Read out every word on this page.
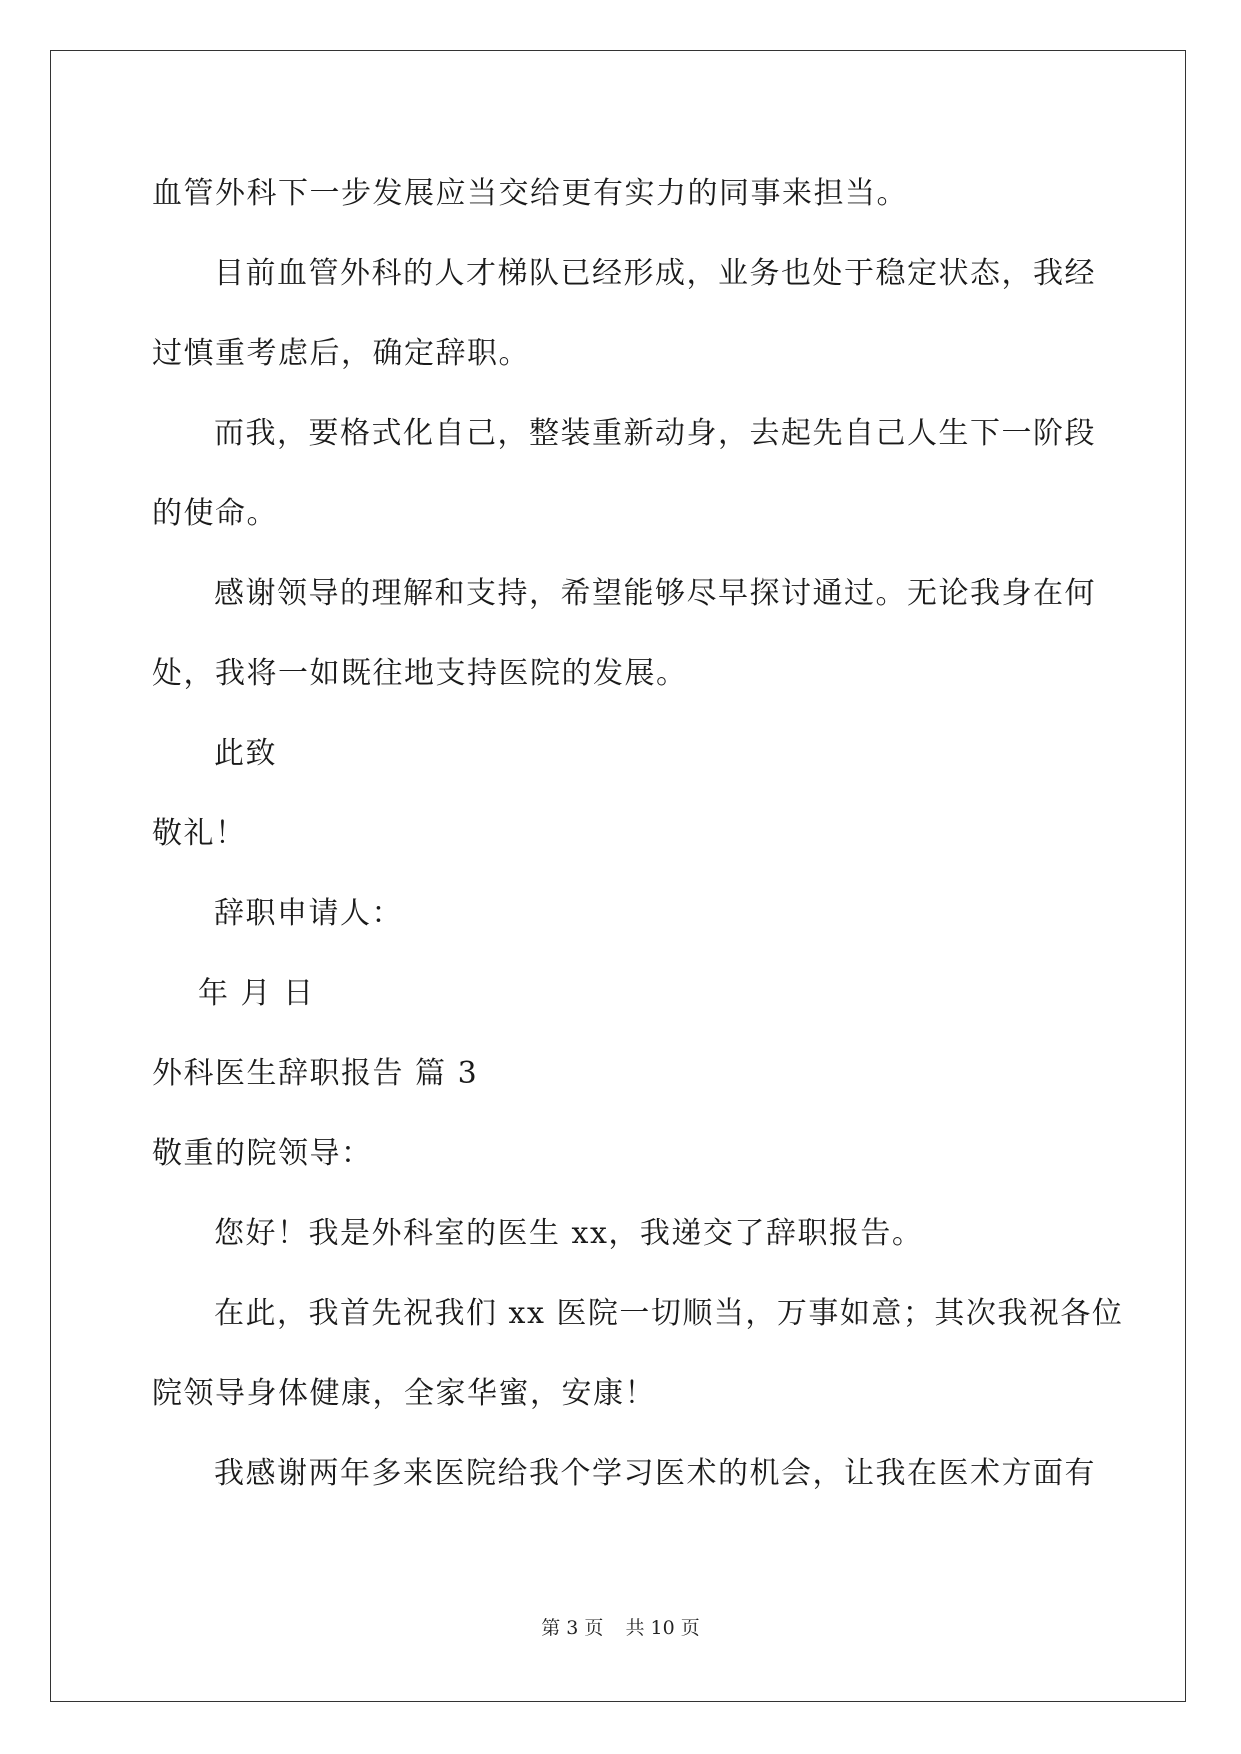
血管外科下一步发展应当交给更有实力的同事来担当。
目前血管外科的人才梯队已经形成，业务也处于稳定状态，我经
过慎重考虑后，确定辞职。
而我，要格式化自己，整装重新动身，去起先自己人生下一阶段
的使命。
感谢领导的理解和支持，希望能够尽早探讨通过。无论我身在何
处，我将一如既往地支持医院的发展。
此致
敬礼！
辞职申请人：
年 月 日
外科医生辞职报告 篇 3
敬重的院领导：
您好！我是外科室的医生 xx，我递交了辞职报告。
在此，我首先祝我们 xx 医院一切顺当，万事如意；其次我祝各位
院领导身体健康，全家华蜜，安康！
我感谢两年多来医院给我个学习医术的机会，让我在医术方面有
第 3 页 共 10 页
